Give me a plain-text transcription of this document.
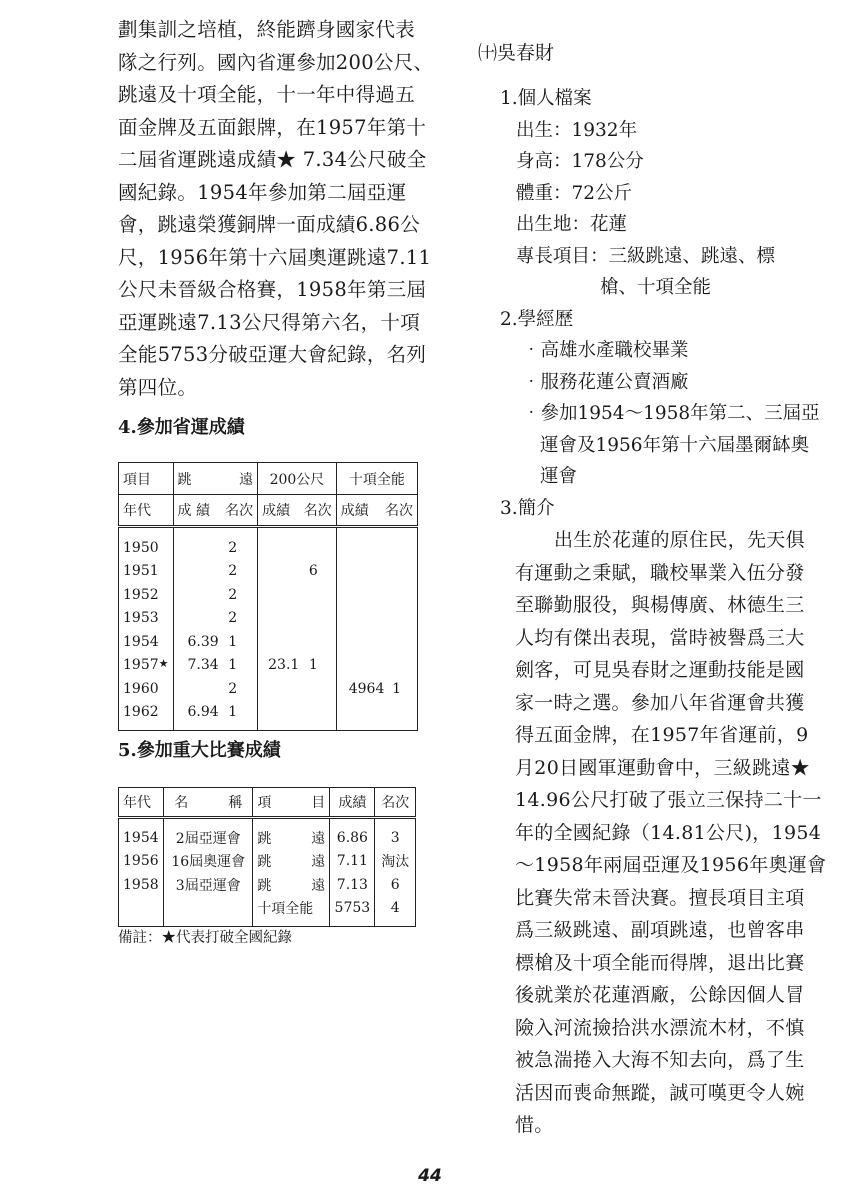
劃集訓之培植，終能躋身國家代表

隊之行列。國內省運參加200公尺、

跳遠及十項全能，十一年中得過五

面金牌及五面銀牌，在1957年第十

二屆省運跳遠成績★ 7.34公尺破全

國紀錄。1954年參加第二屆亞運

會，跳遠榮獲銅牌一面成績6.86公

尺，1956年第十六屆奧運跳遠7.11

公尺未晉級合格賽，1958年第三屆

亞運跳遠7.13公尺得第六名，十項

全能5753分破亞運大會紀錄，名列

第四位。

4.參加省運成績
項目	跳 遠	200公尺	十項全能
年代	成 績 名次	成績 名次	成績 名次

1950	2		

1951	2	6	

1952	2		

1953	2		

1954	6.39 1		

1957★	7.34 1	23.1 1	

1960	2		4964 1

1962	6.94 1		

5.參加重大比賽成績
年代	名 稱	項 目	成績	名次
1954	2屆亞運會	跳 遠	6.86	3
1956	16屆奧運會	跳 遠	7.11	淘汰
1958	3屆亞運會	跳 遠	7.13	6

		十項全能	5753	4
備註：★代表打破全國紀錄
㈩吳春財

1.個人檔案

出生：1932年

身高：178公分

體重：72公斤

出生地：花蓮

專長項目：三級跳遠、跳遠、標

槍、十項全能

2.學經歷

‧高雄水產職校畢業

‧服務花蓮公賣酒廠

‧參加1954～1958年第二、三屆亞

運會及1956年第十六屆墨爾缽奧

運會

3.簡介

出生於花蓮的原住民，先天俱

有運動之秉賦，職校畢業入伍分發

至聯勤服役，與楊傳廣、林德生三

人均有傑出表現，當時被譽爲三大

劍客，可見吳春財之運動技能是國

家一時之選。參加八年省運會共獲

得五面金牌，在1957年省運前，9

月20日國軍運動會中，三級跳遠★

14.96公尺打破了張立三保持二十一

年的全國紀錄（14.81公尺)，1954

～1958年兩屆亞運及1956年奧運會

比賽失常未晉決賽。擅長項目主項

爲三級跳遠、副項跳遠，也曾客串

標槍及十項全能而得牌，退出比賽

後就業於花蓮酒廠，公餘因個人冒

險入河流撿拾洪水漂流木材，不慎

被急湍捲入大海不知去向，爲了生

活因而喪命無蹤，誠可嘆更令人婉

惜。

44
